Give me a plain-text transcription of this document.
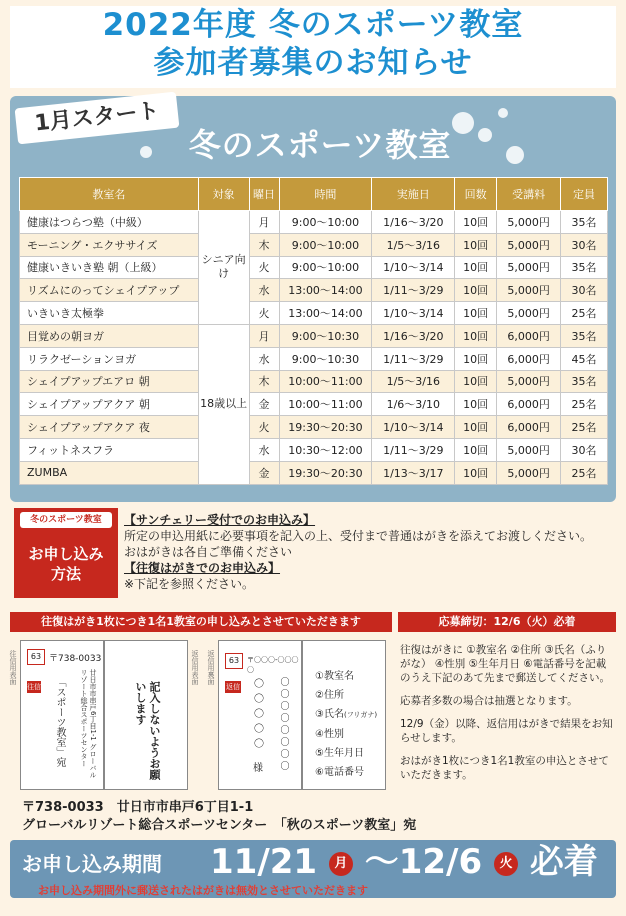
2022年度 冬のスポーツ教室
参加者募集のお知らせ
1月スタート
冬のスポーツ教室
教室名	対象	曜日	時間	実施日	回数	受講料	定員
健康はつらつ塾（中級）	シニア向け	月	9:00～10:00	1/16～3/20	10回	5,000円	35名
モーニング・エクササイズ		木	9:00～10:00	1/5～3/16	10回	5,000円	30名
健康いきいき塾 朝（上級）		火	9:00～10:00	1/10～3/14	10回	5,000円	35名
リズムにのってシェイプアップ		水	13:00～14:00	1/11～3/29	10回	5,000円	30名
いきいき太極拳		火	13:00～14:00	1/10～3/14	10回	5,000円	25名
目覚めの朝ヨガ	18歳以上	月	9:00～10:30	1/16～3/20	10回	6,000円	35名
リラクゼーションヨガ		水	9:00～10:30	1/11～3/29	10回	6,000円	45名
シェイプアップエアロ 朝		木	10:00～11:00	1/5～3/16	10回	5,000円	35名
シェイプアップアクア 朝		金	10:00～11:00	1/6～3/10	10回	6,000円	25名
シェイプアップアクア 夜		火	19:30～20:30	1/10～3/14	10回	6,000円	25名
フィットネスフラ		水	10:30～12:00	1/11～3/29	10回	5,000円	30名
ZUMBA		金	19:30～20:30	1/13～3/17	10回	5,000円	25名
冬のスポーツ教室
お申し込み
方法
【サンチェリー受付でのお申込み】
所定の申込用紙に必要事項を記入の上、受付まで普通はがきを添えてお渡しください。
おはがきは各自ご準備ください
【往復はがきでのお申込み】
※下記を参照ください。
往復はがき1枚につき1名1教室の申し込みとさせていただきます	応募締切：12/6（火）必着
往信用表面	63 〒738-0033
往信	廿日市市串戸6丁目1-1 グローバルリゾート総合スポーツセンター
「スポーツ教室」宛	記入しないようお願いします
返信用表面 返信用裏面	63	〒〇〇〇-〇〇〇〇
返信 〇
〇
〇
〇
〇
〇
〇
〇
〇
〇
〇
〇
〇
様
①教室名
②住所
③氏名(フリガナ)
④性別
⑤生年月日
⑥電話番号

往復はがきに ①教室名 ②住所 ③氏名（ふりがな） ④性別 ⑤生年月日 ⑥電話番号を記載のうえ下記のあて先まで郵送してください。

応募者多数の場合は抽選となります。

12/9（金）以降、返信用はがきで結果をお知らせします。

おはがき1枚につき1名1教室の申込とさせていただきます。

〒738-0033　廿日市市串戸6丁目1-1
グローバルリゾート総合スポーツセンター　「秋のスポーツ教室」宛
お申し込み期間 11/21 月 ～12/6 火 必着
お申し込み期間外に郵送されたはがきは無効とさせていただきます
